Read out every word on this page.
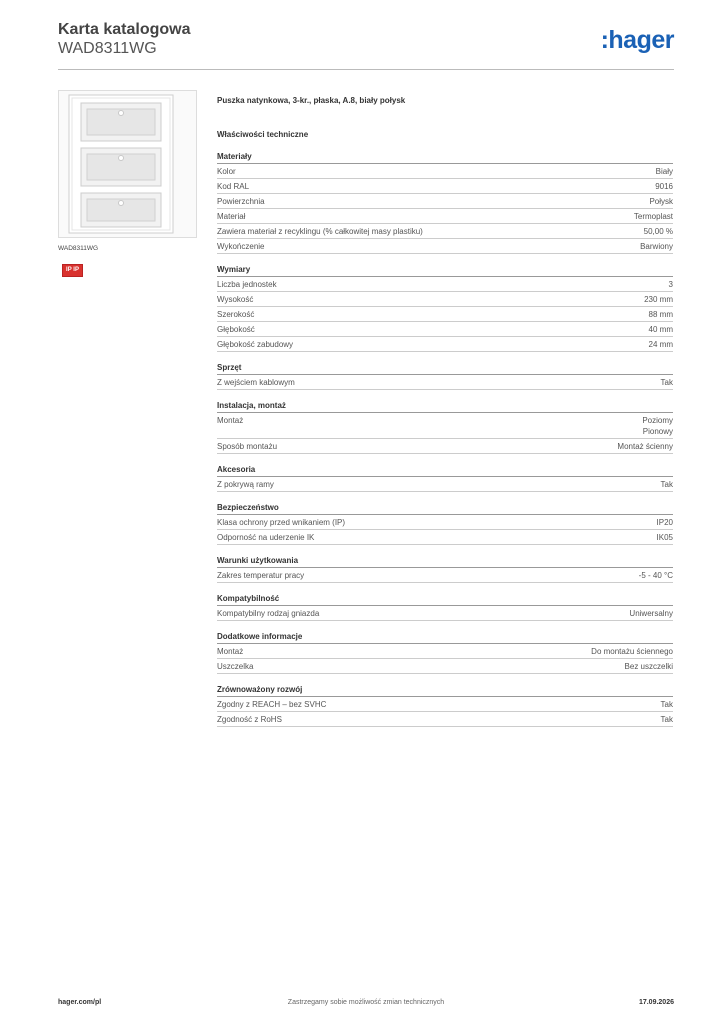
Karta katalogowa
WAD8311WG	:hager
WAD8311WG
IP IP
Puszka natynkowa, 3-kr., płaska, A.8, biały połysk
Właściwości techniczne
Materiały
Kolor	Biały
Kod RAL	9016
Powierzchnia	Połysk
Materiał	Termoplast
Zawiera materiał z recyklingu (% całkowitej masy plastiku)	50,00 %
Wykończenie	Barwiony
Wymiary
Liczba jednostek	3
Wysokość	230 mm
Szerokość	88 mm
Głębokość	40 mm
Głębokość zabudowy	24 mm
Sprzęt
Z wejściem kablowym	Tak
Instalacja, montaż
Montaż	Poziomy
Pionowy
Sposób montażu	Montaż ścienny
Akcesoria
Z pokrywą ramy	Tak
Bezpieczeństwo
Klasa ochrony przed wnikaniem (IP)	IP20
Odporność na uderzenie IK	IK05
Warunki użytkowania
Zakres temperatur pracy	-5 - 40 °C
Kompatybilność
Kompatybilny rodzaj gniazda	Uniwersalny
Dodatkowe informacje
Montaż	Do montażu ściennego
Uszczelka	Bez uszczelki
Zrównoważony rozwój
Zgodny z REACH – bez SVHC	Tak
Zgodność z RoHS	Tak
hager.com/pl	Zastrzegamy sobie możliwość zmian technicznych	17.09.2026
